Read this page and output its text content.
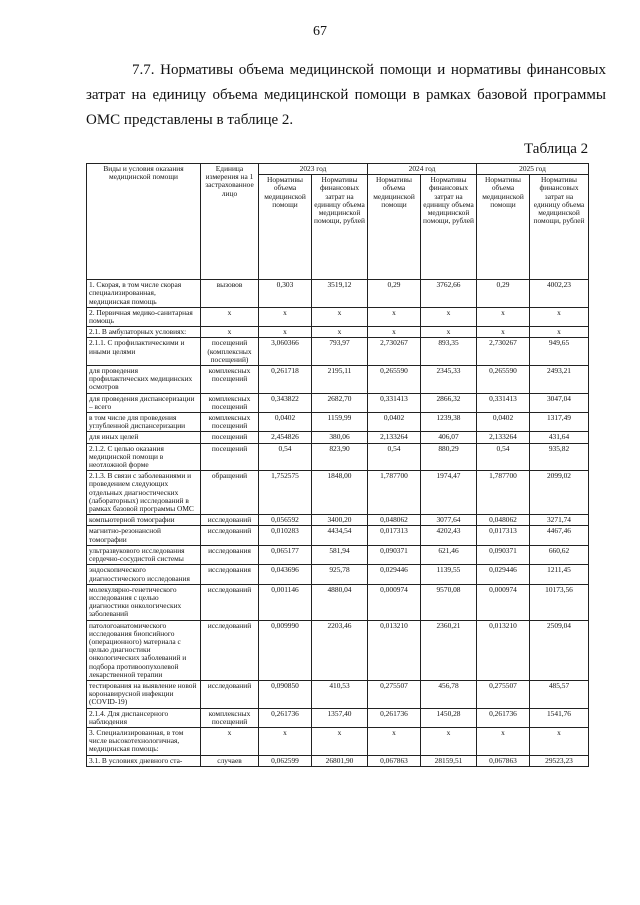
67

7.7. Нормативы объема медицинской помощи и нормативы финансовых затрат на единицу объема медицинской помощи в рамках базовой программы ОМС представлены в таблице 2.

Таблица 2
Виды и условия оказания медицинской помощи	Единица измерения на 1 застрахованное лицо	2023 год		2024 год		2025 год	
		Нормативы объема медицинской помощи	Нормативы финансовых затрат на единицу объема медицинской помощи, рублей	Нормативы объема медицинской помощи	Нормативы финансовых затрат на единицу объема медицинской помощи, рублей	Нормативы объема медицинской помощи	Нормативы финансовых затрат на единицу объема медицинской помощи, рублей
1. Скорая, в том числе скорая специализированная, медицинская помощь	вызовов	0,303	3519,12	0,29	3762,66	0,29	4002,23
2. Первичная медико-санитарная помощь	х	х	х	х	х	х	х
2.1. В амбулаторных условиях:	х	х	х	х	х	х	х
2.1.1. С профилактическими и иными целями	посещений (комплексных посещений)	3,060366	793,97	2,730267	893,35	2,730267	949,65
для проведения профилактических медицинских осмотров	комплексных посещений	0,261718	2195,11	0,265590	2345,33	0,265590	2493,21
для проведения диспансеризации – всего	комплексных посещений	0,343822	2682,70	0,331413	2866,32	0,331413	3047,04
в том числе для проведения углубленной диспансеризации	комплексных посещений	0,0402	1159,99	0,0402	1239,38	0,0402	1317,49
для иных целей	посещений	2,454826	380,06	2,133264	406,07	2,133264	431,64
2.1.2. С целью оказания медицинской помощи в неотложной форме	посещений	0,54	823,90	0,54	880,29	0,54	935,82
2.1.3. В связи с заболеваниями и проведением следующих отдельных диагностических (лабораторных) исследований в рамках базовой программы ОМС	обращений	1,752575	1848,00	1,787700	1974,47	1,787700	2099,02
компьютерной томографии	исследований	0,056592	3400,20	0,048062	3077,64	0,048062	3271,74
магнитно-резонансной томографии	исследований	0,010283	4434,54	0,017313	4202,43	0,017313	4467,46
ультразвукового исследования сердечно-сосудистой системы	исследования	0,065177	581,94	0,090371	621,46	0,090371	660,62
эндоскопического диагностического исследования	исследования	0,043696	925,78	0,029446	1139,55	0,029446	1211,45
молекулярно-генетического исследования с целью диагностики онкологических заболеваний	исследований	0,001146	4880,04	0,000974	9570,08	0,000974	10173,56
патологоанатомического исследования биопсийного (операционного) материала с целью диагностики онкологических заболеваний и подбора противоопухолевой лекарственной терапии	исследований	0,009990	2203,46	0,013210	2360,21	0,013210	2509,04
тестирования на выявление новой коронавирусной инфекции (COVID-19)	исследований	0,090850	410,53	0,275507	456,78	0,275507	485,57
2.1.4. Для диспансерного наблюдения	комплексных посещений	0,261736	1357,40	0,261736	1450,28	0,261736	1541,76
3. Специализированная, в том числе высокотехнологичная, медицинская помощь:	х	х	х	х	х	х	х
3.1. В условиях дневного ста-	случаев	0,062599	26801,90	0,067863	28159,51	0,067863	29523,23
